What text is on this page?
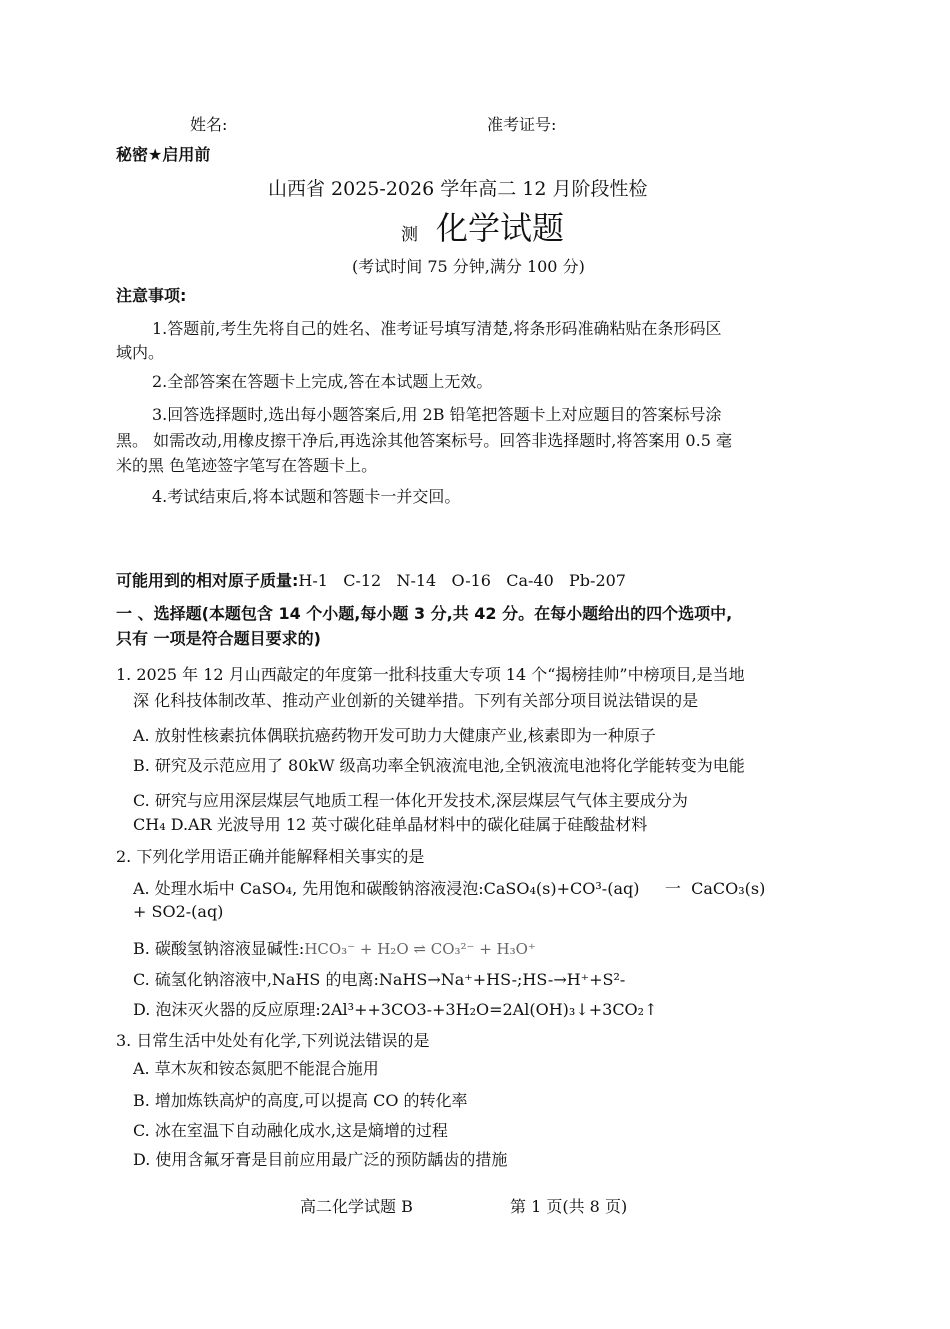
姓名:	准考证号:
秘密★启用前
山西省 2025-2026 学年高二 12 月阶段性检
测 化学试题
(考试时间 75 分钟,满分 100 分)
注意事项:
1.答题前,考生先将自己的姓名、准考证号填写清楚,将条形码准确粘贴在条形码区
域内。
2.全部答案在答题卡上完成,答在本试题上无效。
3.回答选择题时,选出每小题答案后,用 2B 铅笔把答题卡上对应题目的答案标号涂
黑。 如需改动,用橡皮擦干净后,再选涂其他答案标号。回答非选择题时,将答案用 0.5 毫
米的黑 色笔迹签字笔写在答题卡上。
4.考试结束后,将本试题和答题卡一并交回。
可能用到的相对原子质量:H-1   C-12   N-14   O-16   Ca-40   Pb-207
一 、选择题(本题包含 14 个小题,每小题 3 分,共 42 分。在每小题给出的四个选项中,
只有 一项是符合题目要求的)
1. 2025 年 12 月山西敲定的年度第一批科技重大专项 14 个“揭榜挂帅”中榜项目,是当地
深 化科技体制改革、推动产业创新的关键举措。下列有关部分项目说法错误的是
A. 放射性核素抗体偶联抗癌药物开发可助力大健康产业,核素即为一种原子
B. 研究及示范应用了 80kW 级高功率全钒液流电池,全钒液流电池将化学能转变为电能
C. 研究与应用深层煤层气地质工程一体化开发技术,深层煤层气气体主要成分为
CH₄ D.AR 光波导用 12 英寸碳化硅单晶材料中的碳化硅属于硅酸盐材料
2. 下列化学用语正确并能解释相关事实的是
A. 处理水垢中 CaSO₄, 先用饱和碳酸钠溶液浸泡:CaSO₄(s)+CO³-(aq)     一  CaCO₃(s)
+ SO2-(aq)
B. 碳酸氢钠溶液显碱性:HCO₃⁻ + H₂O ⇌ CO₃²⁻ + H₃O⁺
C. 硫氢化钠溶液中,NaHS 的电离:NaHS→Na⁺+HS-;HS-→H⁺+S²-
D. 泡沫灭火器的反应原理:2Al³++3CO3-+3H₂O=2Al(OH)₃↓+3CO₂↑
3. 日常生活中处处有化学,下列说法错误的是
A. 草木灰和铵态氮肥不能混合施用
B. 增加炼铁高炉的高度,可以提高 CO 的转化率
C. 冰在室温下自动融化成水,这是熵增的过程
D. 使用含氟牙膏是目前应用最广泛的预防龋齿的措施
高二化学试题 B	第 1 页(共 8 页)
